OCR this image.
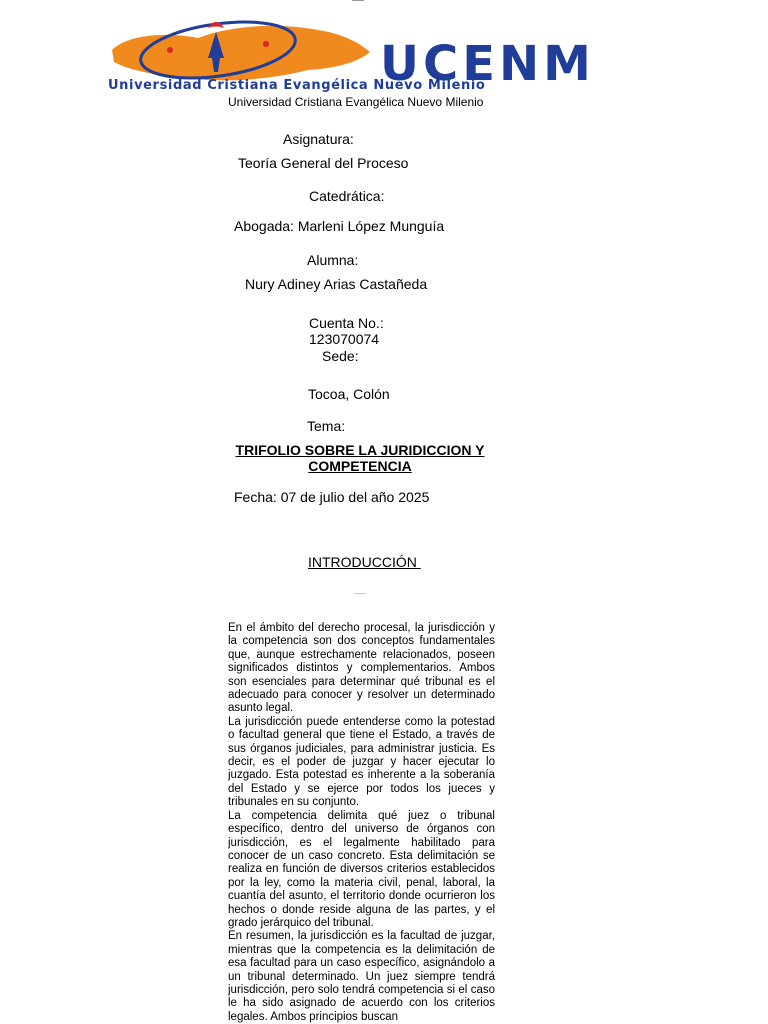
UCENM
Universidad Cristiana Evangélica Nuevo Milenio
Universidad Cristiana Evangélica Nuevo Milenio
Asignatura:
Teoría General del Proceso
Catedrática:
Abogada: Marleni López Munguía
Alumna:
Nury Adiney Arias Castañeda
Cuenta No.:
123070074
Sede:
Tocoa, Colón
Tema:
TRIFOLIO SOBRE LA JURIDICCION Y COMPETENCIA
Fecha: 07 de julio del año 2025
INTRODUCCIÓN

En el ámbito del derecho procesal, la jurisdicción y la competencia son dos conceptos fundamentales que, aunque estrechamente relacionados, poseen significados distintos y complementarios. Ambos son esenciales para determinar qué tribunal es el adecuado para conocer y resolver un determinado asunto legal.

La jurisdicción puede entenderse como la potestad o facultad general que tiene el Estado, a través de sus órganos judiciales, para administrar justicia. Es decir, es el poder de juzgar y hacer ejecutar lo juzgado. Esta potestad es inherente a la soberanía del Estado y se ejerce por todos los jueces y tribunales en su conjunto.

La competencia delimita qué juez o tribunal específico, dentro del universo de órganos con jurisdicción, es el legalmente habilitado para conocer de un caso concreto. Esta delimitación se realiza en función de diversos criterios establecidos por la ley, como la materia civil, penal, laboral, la cuantía del asunto, el territorio donde ocurrieron los hechos o donde reside alguna de las partes, y el grado jerárquico del tribunal.

En resumen, la jurisdicción es la facultad de juzgar, mientras que la competencia es la delimitación de esa facultad para un caso específico, asignándolo a un tribunal determinado. Un juez siempre tendrá jurisdicción, pero solo tendrá competencia si el caso le ha sido asignado de acuerdo con los criterios legales. Ambos principios buscan
